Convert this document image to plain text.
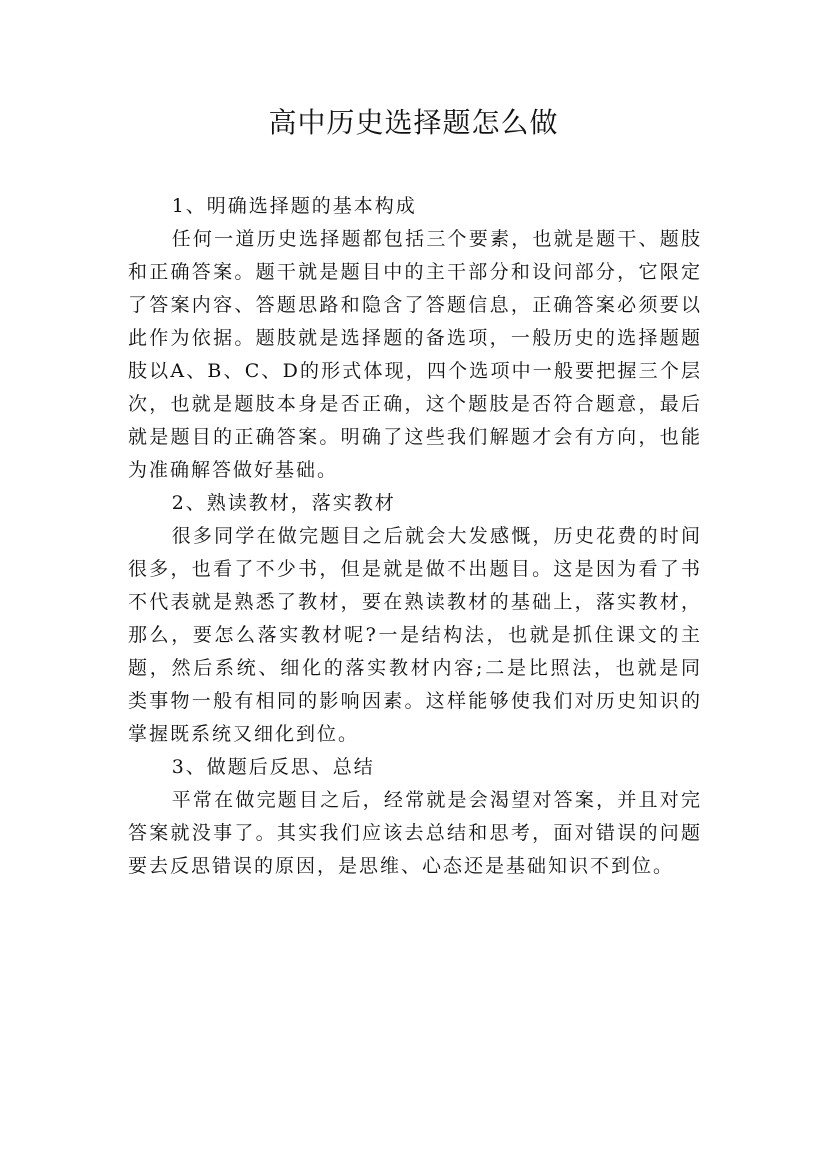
高中历史选择题怎么做

1、明确选择题的基本构成

任何一道历史选择题都包括三个要素，也就是题干、题肢和正确答案。题干就是题目中的主干部分和设问部分，它限定了答案内容、答题思路和隐含了答题信息，正确答案必须要以此作为依据。题肢就是选择题的备选项，一般历史的选择题题肢以A、B、C、D的形式体现，四个选项中一般要把握三个层次，也就是题肢本身是否正确，这个题肢是否符合题意，最后就是题目的正确答案。明确了这些我们解题才会有方向，也能为准确解答做好基础。

2、熟读教材，落实教材

很多同学在做完题目之后就会大发感慨，历史花费的时间很多，也看了不少书，但是就是做不出题目。这是因为看了书不代表就是熟悉了教材，要在熟读教材的基础上，落实教材，那么，要怎么落实教材呢?一是结构法，也就是抓住课文的主题，然后系统、细化的落实教材内容;二是比照法，也就是同类事物一般有相同的影响因素。这样能够使我们对历史知识的掌握既系统又细化到位。

3、做题后反思、总结

平常在做完题目之后，经常就是会渴望对答案，并且对完答案就没事了。其实我们应该去总结和思考，面对错误的问题要去反思错误的原因，是思维、心态还是基础知识不到位。
